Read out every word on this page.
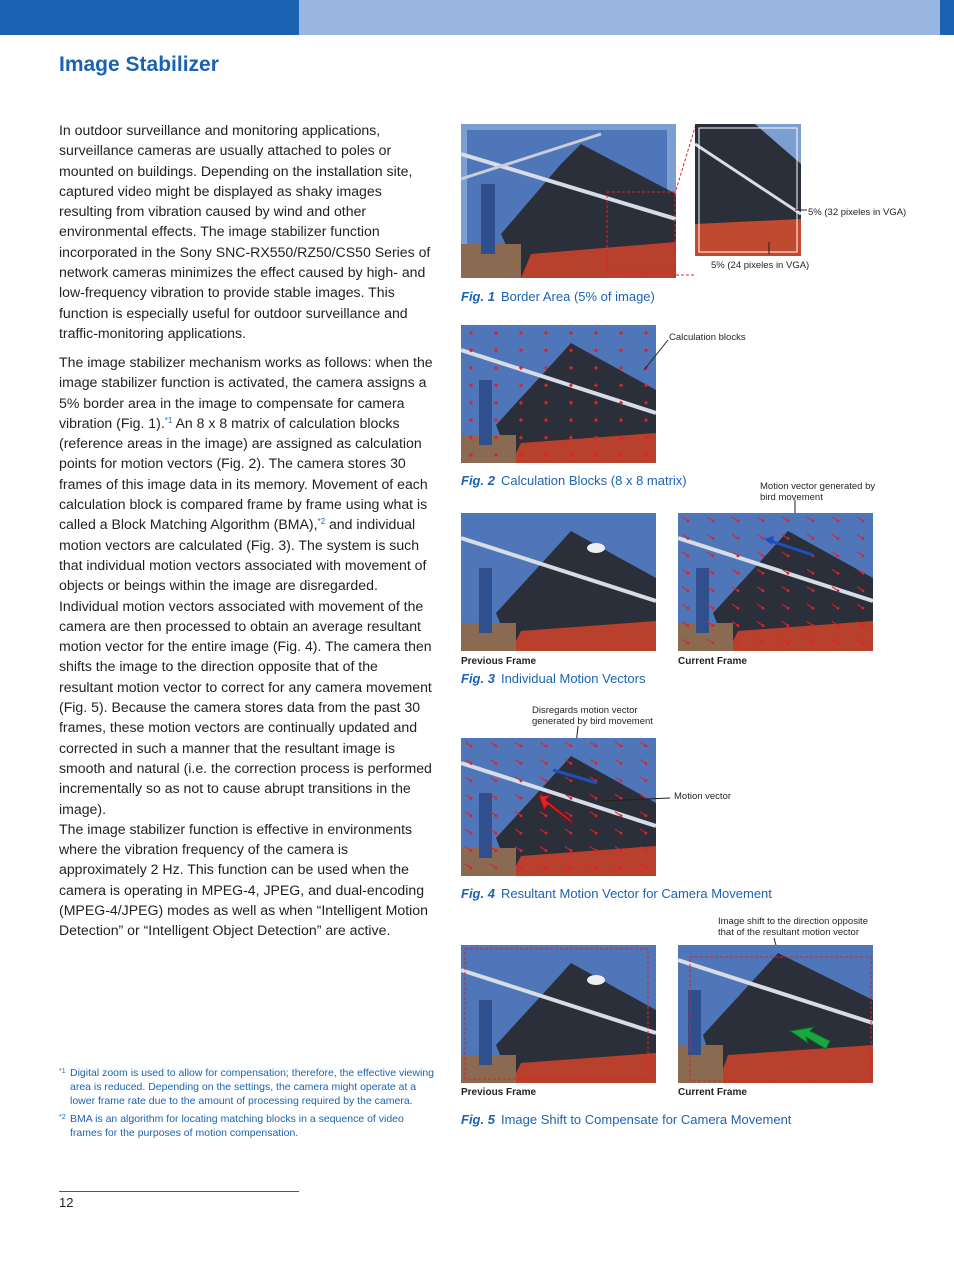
Image Stabilizer

In outdoor surveillance and monitoring applications, surveillance cameras are usually attached to poles or mounted on buildings. Depending on the installation site, captured video might be displayed as shaky images resulting from vibration caused by wind and other environmental effects. The image stabilizer function incorporated in the Sony SNC-RX550/RZ50/CS50 Series of network cameras minimizes the effect caused by high- and low-frequency vibration to provide stable images. This function is especially useful for outdoor surveillance and traffic-monitoring applications.

The image stabilizer mechanism works as follows: when the image stabilizer function is activated, the camera assigns a 5% border area in the image to compensate for camera vibration (Fig. 1).$^{*1}$ An 8 x 8 matrix of calculation blocks (reference areas in the image) are assigned as calculation points for motion vectors (Fig. 2). The camera stores 30 frames of this image data in its memory. Movement of each calculation block is compared frame by frame using what is called a Block Matching Algorithm (BMA),$^{*2}$ and individual motion vectors are calculated (Fig. 3). The system is such that individual motion vectors associated with movement of objects or beings within the image are disregarded. Individual motion vectors associated with movement of the camera are then processed to obtain an average resultant motion vector for the entire image (Fig. 4). The camera then shifts the image to the direction opposite that of the resultant motion vector to correct for any camera movement (Fig. 5). Because the camera stores data from the past 30 frames, these motion vectors are continually updated and corrected in such a manner that the resultant image is smooth and natural (i.e. the correction process is performed incrementally so as not to cause abrupt transitions in the image).

The image stabilizer function is effective in environments where the vibration frequency of the camera is approximately 2 Hz. This function can be used when the camera is operating in MPEG-4, JPEG, and dual-encoding (MPEG-4/JPEG) modes as well as when “Intelligent Motion Detection” or “Intelligent Object Detection” are active.

*1 Digital zoom is used to allow for compensation; therefore, the effective viewing area is reduced. Depending on the settings, the camera might operate at a lower frame rate due to the amount of processing required by the camera.
*2 BMA is an algorithm for locating matching blocks in a sequence of video frames for the purposes of motion compensation.
12
5% (32 pixeles in VGA)
5% (24 pixeles in VGA)
Fig. 1 Border Area (5% of image)
Calculation blocks
Fig. 2 Calculation Blocks (8 x 8 matrix)	Motion vector generated by bird movement
Previous Frame	Current Frame
Fig. 3 Individual Motion Vectors
Disregards motion vector generated by bird movement
Motion vector
Fig. 4 Resultant Motion Vector for Camera Movement
Image shift to the direction opposite that of the resultant motion vector
Previous Frame	Current Frame
Fig. 5 Image Shift to Compensate for Camera Movement
